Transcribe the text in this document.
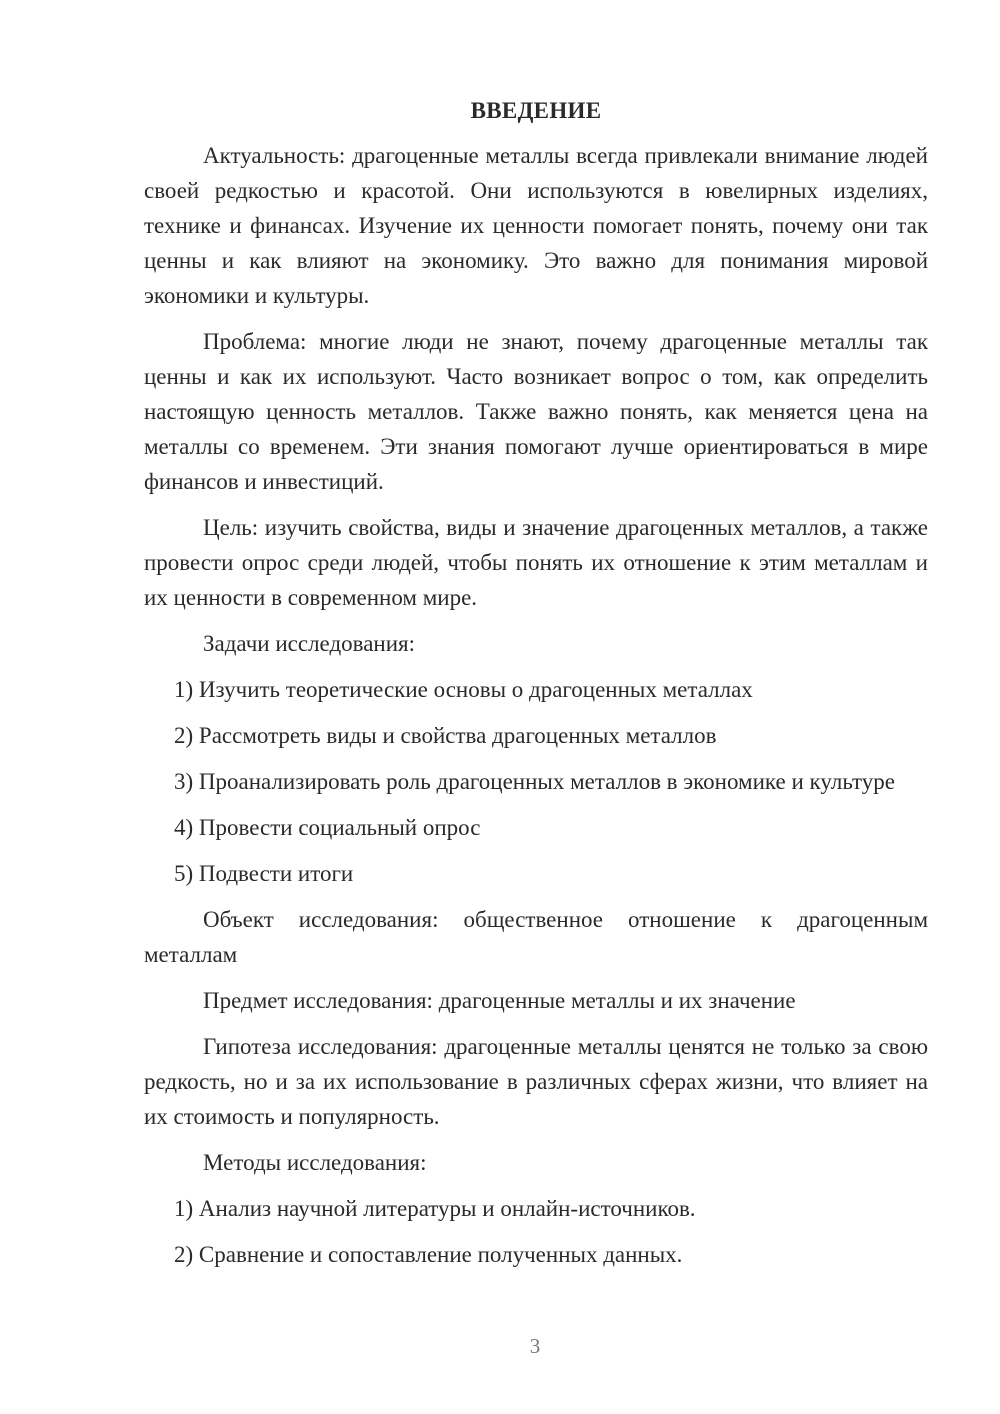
ВВЕДЕНИЕ

Актуальность: драгоценные металлы всегда привлекали внимание людей своей редкостью и красотой. Они используются в ювелирных изделиях, технике и финансах. Изучение их ценности помогает понять, почему они так ценны и как влияют на экономику. Это важно для понимания мировой экономики и культуры.

Проблема: многие люди не знают, почему драгоценные металлы так ценны и как их используют. Часто возникает вопрос о том, как определить настоящую ценность металлов. Также важно понять, как меняется цена на металлы со временем. Эти знания помогают лучше ориентироваться в мире финансов и инвестиций.

Цель: изучить свойства, виды и значение драгоценных металлов, а также провести опрос среди людей, чтобы понять их отношение к этим металлам и их ценности в современном мире.

Задачи исследования:

1) Изучить теоретические основы о драгоценных металлах

2) Рассмотреть виды и свойства драгоценных металлов

3) Проанализировать роль драгоценных металлов в экономике и культуре

4) Провести социальный опрос

5) Подвести итоги

Объект исследования: общественное отношение к драгоценным металлам

Предмет исследования: драгоценные металлы и их значение

Гипотеза исследования: драгоценные металлы ценятся не только за свою редкость, но и за их использование в различных сферах жизни, что влияет на их стоимость и популярность.

Методы исследования:

1) Анализ научной литературы и онлайн-источников.

2) Сравнение и сопоставление полученных данных.

3
